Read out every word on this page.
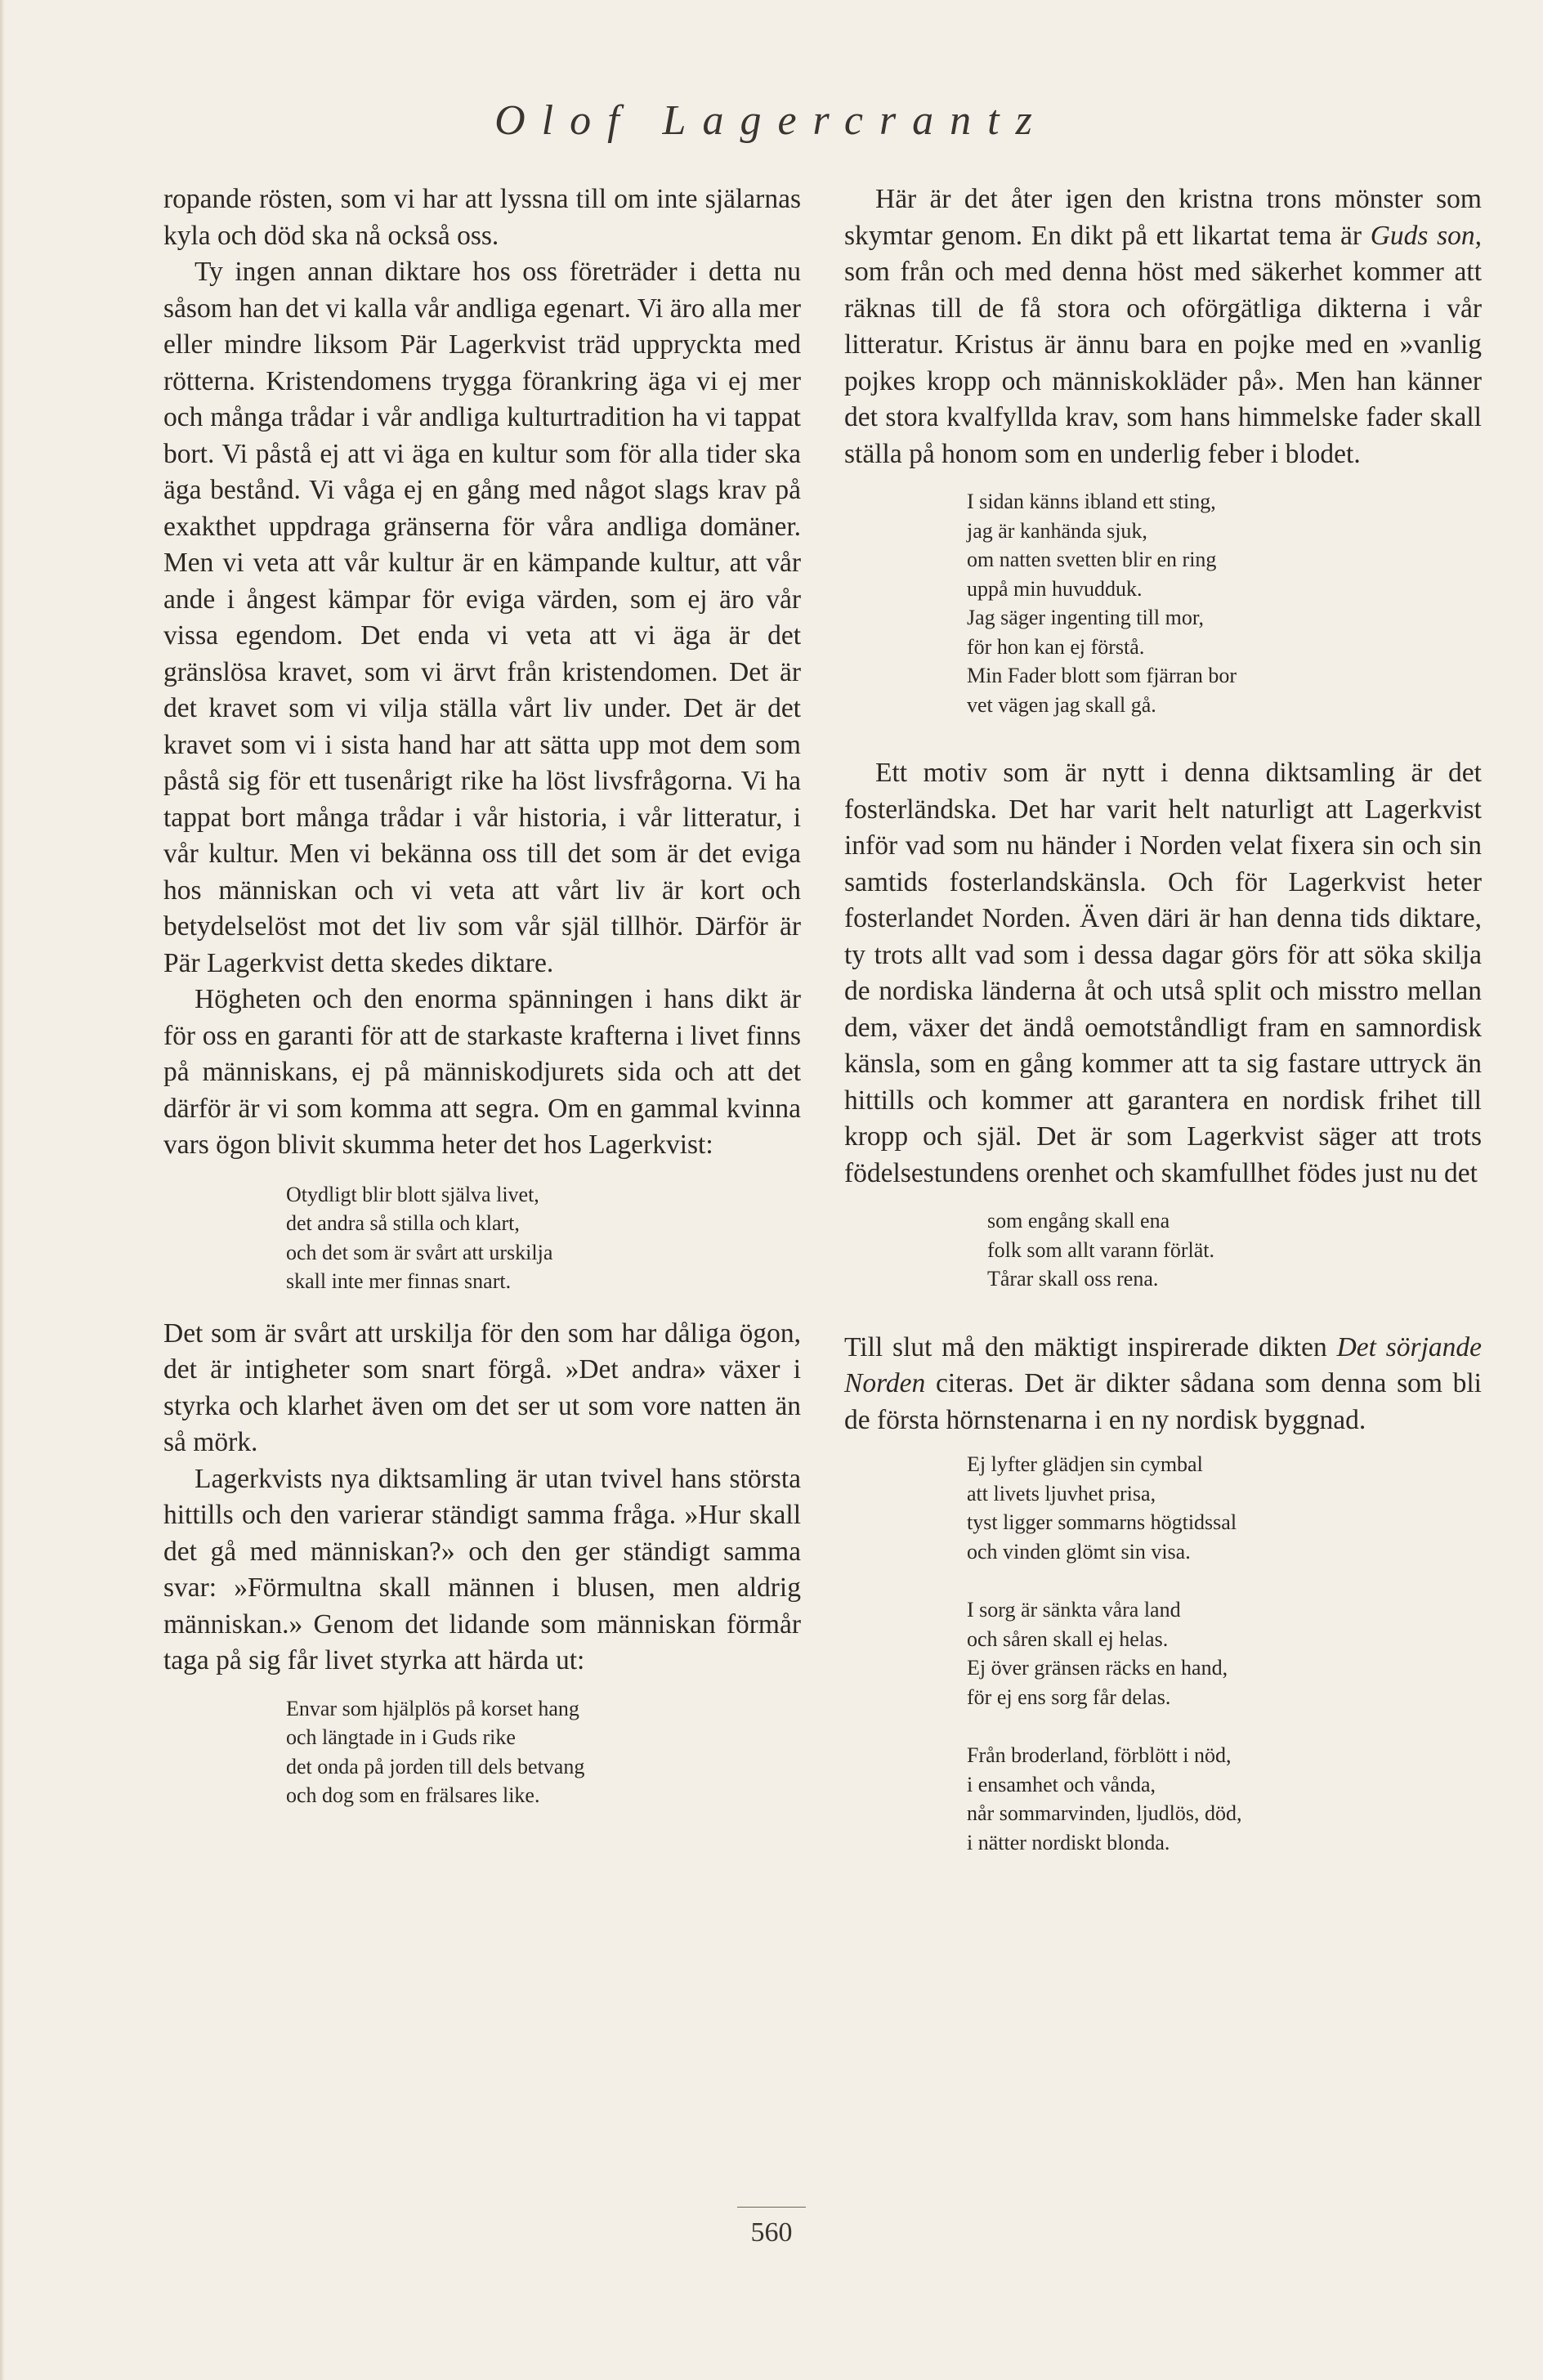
Olof Lagercrantz

ropande rösten, som vi har att lyssna till om inte själarnas kyla och död ska nå också oss.

Ty ingen annan diktare hos oss företräder i detta nu såsom han det vi kalla vår andliga egenart. Vi äro alla mer eller mindre liksom Pär Lagerkvist träd uppryckta med rötterna. Kristendomens trygga förankring äga vi ej mer och många trådar i vår andliga kulturtradition ha vi tappat bort. Vi påstå ej att vi äga en kultur som för alla tider ska äga bestånd. Vi våga ej en gång med något slags krav på exakthet uppdraga gränserna för våra andliga domäner. Men vi veta att vår kultur är en kämpande kultur, att vår ande i ångest kämpar för eviga värden, som ej äro vår vissa egendom. Det enda vi veta att vi äga är det gränslösa kravet, som vi ärvt från kristendomen. Det är det kravet som vi vilja ställa vårt liv under. Det är det kravet som vi i sista hand har att sätta upp mot dem som påstå sig för ett tusenårigt rike ha löst livsfrågorna. Vi ha tappat bort många trådar i vår historia, i vår litteratur, i vår kultur. Men vi bekänna oss till det som är det eviga hos människan och vi veta att vårt liv är kort och betydelselöst mot det liv som vår själ tillhör. Därför är Pär Lagerkvist detta skedes diktare.

Högheten och den enorma spänningen i hans dikt är för oss en garanti för att de starkaste krafterna i livet finns på människans, ej på människodjurets sida och att det därför är vi som komma att segra. Om en gammal kvinna vars ögon blivit skumma heter det hos Lagerkvist:

Otydligt blir blott själva livet,
det andra så stilla och klart,
och det som är svårt att urskilja
skall inte mer finnas snart.

Det som är svårt att urskilja för den som har dåliga ögon, det är intigheter som snart förgå. »Det andra» växer i styrka och klarhet även om det ser ut som vore natten än så mörk.

Lagerkvists nya diktsamling är utan tvivel hans största hittills och den varierar ständigt samma fråga. »Hur skall det gå med människan?» och den ger ständigt samma svar: »Förmultna skall männen i blusen, men aldrig människan.» Genom det lidande som människan förmår taga på sig får livet styrka att härda ut:

Envar som hjälplös på korset hang
och längtade in i Guds rike
det onda på jorden till dels betvang
och dog som en frälsares like.

Här är det åter igen den kristna trons mönster som skymtar genom. En dikt på ett likartat tema är Guds son, som från och med denna höst med säkerhet kommer att räknas till de få stora och oförgätliga dikterna i vår litteratur. Kristus är ännu bara en pojke med en »vanlig pojkes kropp och människokläder på». Men han känner det stora kvalfyllda krav, som hans himmelske fader skall ställa på honom som en underlig feber i blodet.

I sidan känns ibland ett sting,
jag är kanhända sjuk,
om natten svetten blir en ring
uppå min huvudduk.
Jag säger ingenting till mor,
för hon kan ej förstå.
Min Fader blott som fjärran bor
vet vägen jag skall gå.

Ett motiv som är nytt i denna diktsamling är det fosterländska. Det har varit helt naturligt att Lagerkvist inför vad som nu händer i Norden velat fixera sin och sin samtids fosterlandskänsla. Och för Lagerkvist heter fosterlandet Norden. Även däri är han denna tids diktare, ty trots allt vad som i dessa dagar görs för att söka skilja de nordiska länderna åt och utså split och misstro mellan dem, växer det ändå oemotståndligt fram en samnordisk känsla, som en gång kommer att ta sig fastare uttryck än hittills och kommer att garantera en nordisk frihet till kropp och själ. Det är som Lagerkvist säger att trots födelsestundens orenhet och skamfullhet födes just nu det

som engång skall ena
folk som allt varann förlät.
Tårar skall oss rena.

Till slut må den mäktigt inspirerade dikten Det sörjande Norden citeras. Det är dikter sådana som denna som bli de första hörnstenarna i en ny nordisk byggnad.

Ej lyfter glädjen sin cymbal
att livets ljuvhet prisa,
tyst ligger sommarns högtidssal
och vinden glömt sin visa.
I sorg är sänkta våra land
och såren skall ej helas.
Ej över gränsen räcks en hand,
för ej ens sorg får delas.
Från broderland, förblött i nöd,
i ensamhet och vånda,
når sommarvinden, ljudlös, död,
i nätter nordiskt blonda.
560
